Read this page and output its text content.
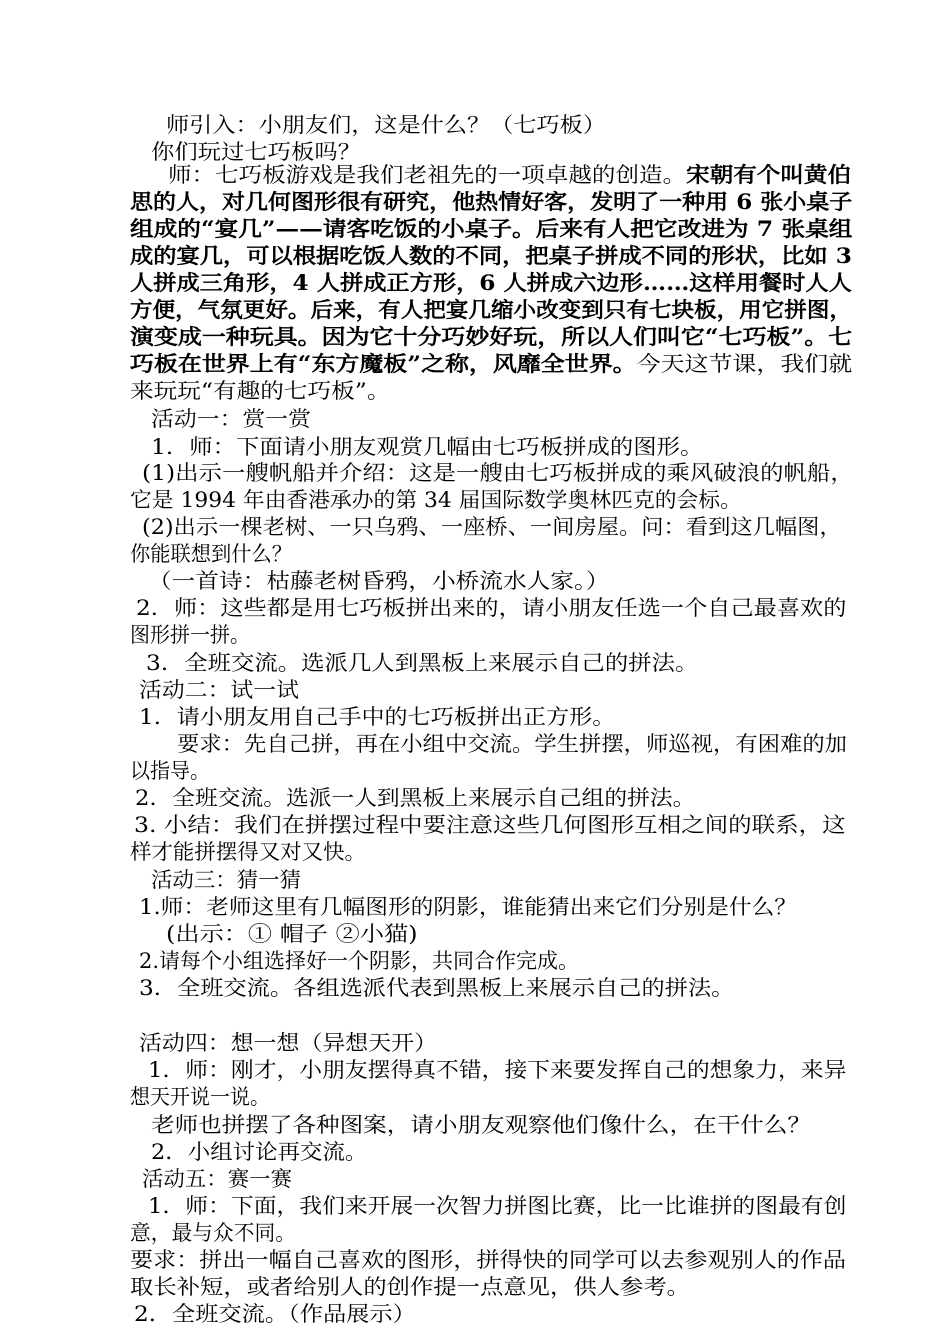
师引入：小朋友们，这是什么？（七巧板）
你们玩过七巧板吗？
师：七巧板游戏是我们老祖先的一项卓越的创造。宋朝有个叫黄伯
思的人，对几何图形很有研究，他热情好客，发明了一种用 6 张小桌子
组成的“宴几”——请客吃饭的小桌子。后来有人把它改进为 7 张桌组
成的宴几，可以根据吃饭人数的不同，把桌子拼成不同的形状，比如 3
人拼成三角形，4 人拼成正方形，6 人拼成六边形……这样用餐时人人
方便，气氛更好。后来，有人把宴几缩小改变到只有七块板，用它拼图，
演变成一种玩具。因为它十分巧妙好玩，所以人们叫它“七巧板”。七
巧板在世界上有“东方魔板”之称，风靡全世界。今天这节课，我们就
来玩玩“有趣的七巧板”。
活动一：赏一赏
1．师：下面请小朋友观赏几幅由七巧板拼成的图形。
(1)出示一艘帆船并介绍：这是一艘由七巧板拼成的乘风破浪的帆船，
它是 1994 年由香港承办的第 34 届国际数学奥林匹克的会标。
(2)出示一棵老树、一只乌鸦、一座桥、一间房屋。问：看到这几幅图，
你能联想到什么？
（一首诗：枯藤老树昏鸦，小桥流水人家。）
2．师：这些都是用七巧板拼出来的，请小朋友任选一个自己最喜欢的
图形拼一拼。
3．全班交流。选派几人到黑板上来展示自己的拼法。
活动二：试一试
1．请小朋友用自己手中的七巧板拼出正方形。
要求：先自己拼，再在小组中交流。学生拼摆，师巡视，有困难的加
以指导。
2．全班交流。选派一人到黑板上来展示自己组的拼法。
3. 小结：我们在拼摆过程中要注意这些几何图形互相之间的联系，这
样才能拼摆得又对又快。
活动三：猜一猜
1.师：老师这里有几幅图形的阴影，谁能猜出来它们分别是什么？
(出示：① 帽子 ②小猫)
2.请每个小组选择好一个阴影，共同合作完成。
3．全班交流。各组选派代表到黑板上来展示自己的拼法。
活动四：想一想（异想天开）
1．师：刚才，小朋友摆得真不错，接下来要发挥自己的想象力，来异
想天开说一说。
老师也拼摆了各种图案，请小朋友观察他们像什么，在干什么？
2．小组讨论再交流。
活动五：赛一赛
1．师：下面，我们来开展一次智力拼图比赛，比一比谁拼的图最有创
意，最与众不同。
要求：拼出一幅自己喜欢的图形，拼得快的同学可以去参观别人的作品
取长补短，或者给别人的创作提一点意见，供人参考。
2．全班交流。（作品展示）
